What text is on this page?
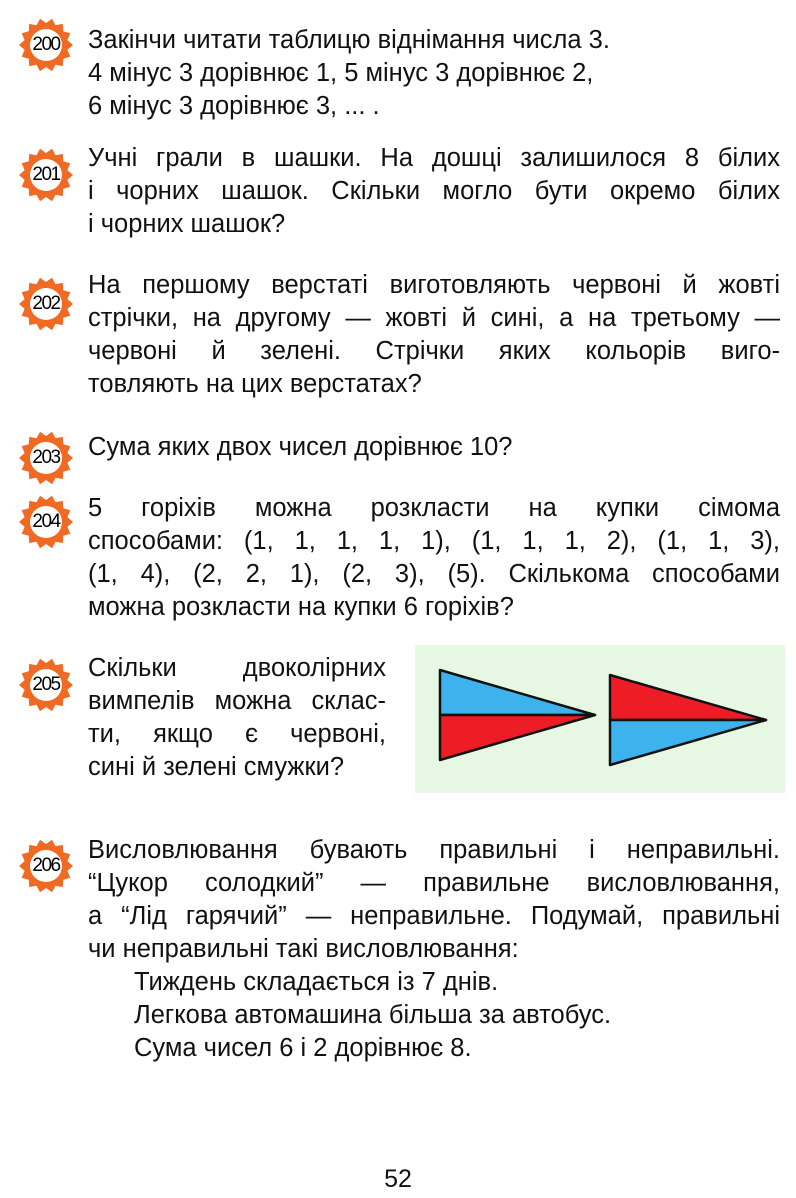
200	Закінчи читати таблицю віднімання числа 3.
4 мінус 3 дорівнює 1, 5 мінус 3 дорівнює 2,
6 мінус 3 дорівнює 3, ... .
201
Учні грали в шашки. На дошці залишилося 8 білих
і чорних шашок. Скільки могло бути окремо білих
і чорних шашок?
202
На першому верстаті виготовляють червоні й жовті
стрічки, на другому — жовті й сині, а на третьому —
червоні й зелені. Стрічки яких кольорів виго-
товляють на цих верстатах?
203	Сума яких двох чисел дорівнює 10?
204	5 горіхів можна розкласти на купки сімома
способами: (1, 1, 1, 1, 1), (1, 1, 1, 2), (1, 1, 3),
(1, 4), (2, 2, 1), (2, 3), (5). Скількома способами
можна розкласти на купки 6 горіхів?
205
Скільки двоколірних
вимпелів можна склас-
ти, якщо є червоні,
сині й зелені смужки?
206
Висловлювання бувають правильні і неправильні.
“Цукор солодкий” — правильне висловлювання,
а “Лід гарячий” — неправильне. Подумай, правильні
чи неправильні такі висловлювання:
Тиждень складається із 7 днів.
Легкова автомашина більша за автобус.
Сума чисел 6 і 2 дорівнює 8.
52
